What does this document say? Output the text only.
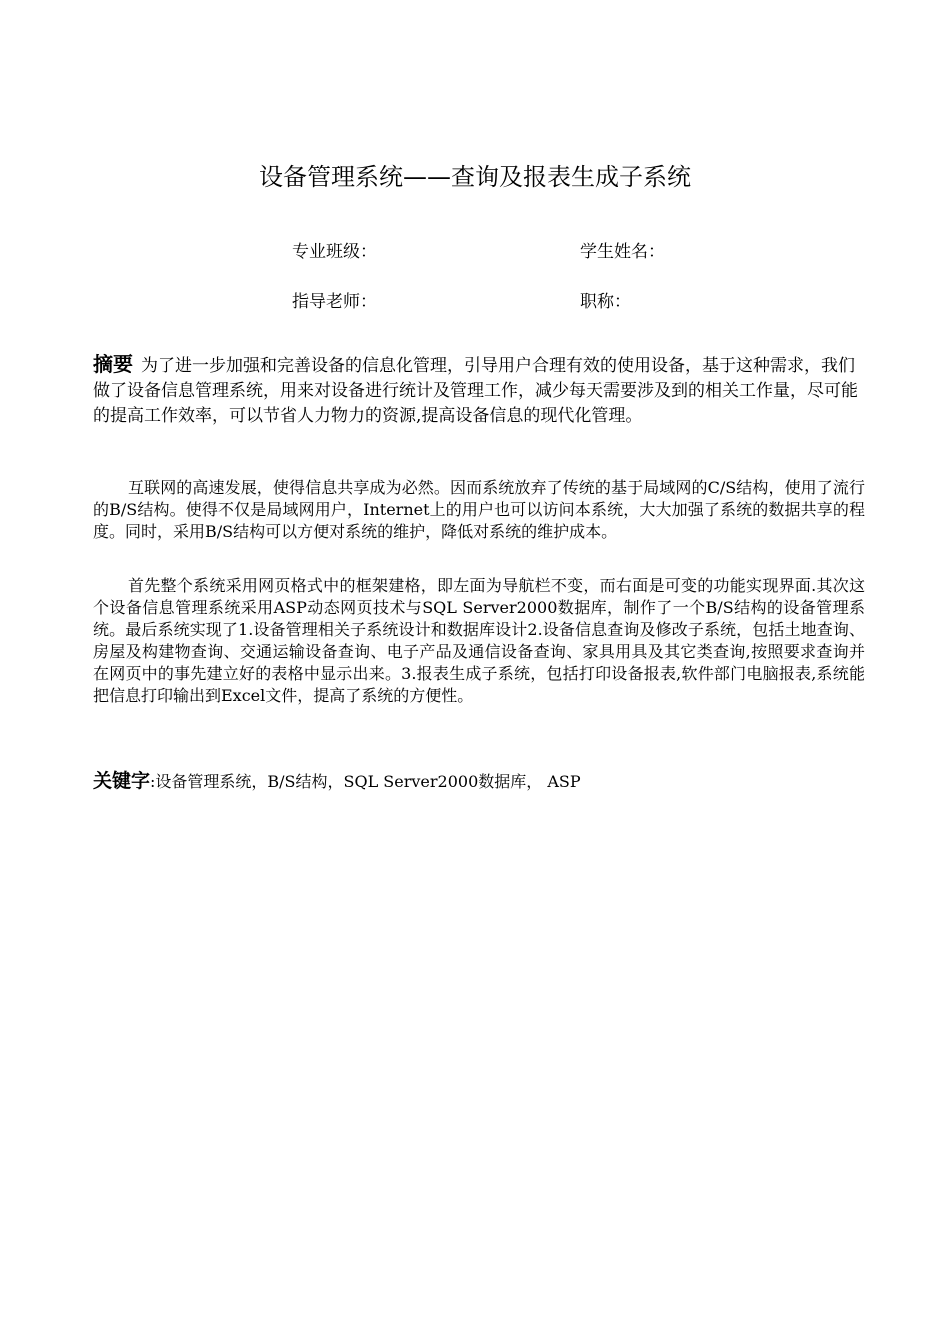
设备管理系统——查询及报表生成子系统
专业班级：	学生姓名：
指导老师：	职称：

摘要 为了进一步加强和完善设备的信息化管理，引导用户合理有效的使用设备，基于这种需求，我们做了设备信息管理系统，用来对设备进行统计及管理工作，减少每天需要涉及到的相关工作量，尽可能的提高工作效率，可以节省人力物力的资源,提高设备信息的现代化管理。

互联网的高速发展，使得信息共享成为必然。因而系统放弃了传统的基于局域网的C/S结构，使用了流行的B/S结构。使得不仅是局域网用户，Internet上的用户也可以访问本系统，大大加强了系统的数据共享的程度。同时，采用B/S结构可以方便对系统的维护，降低对系统的维护成本。

首先整个系统采用网页格式中的框架建格，即左面为导航栏不变，而右面是可变的功能实现界面.其次这个设备信息管理系统采用ASP动态网页技术与SQL Server2000数据库，制作了一个B/S结构的设备管理系统。最后系统实现了1.设备管理相关子系统设计和数据库设计2.设备信息查询及修改子系统，包括土地查询、房屋及构建物查询、交通运输设备查询、电子产品及通信设备查询、家具用具及其它类查询,按照要求查询并在网页中的事先建立好的表格中显示出来。3.报表生成子系统，包括打印设备报表,软件部门电脑报表,系统能把信息打印输出到Excel文件，提高了系统的方便性。

关键字:设备管理系统，B/S结构，SQL Server2000数据库， ASP
